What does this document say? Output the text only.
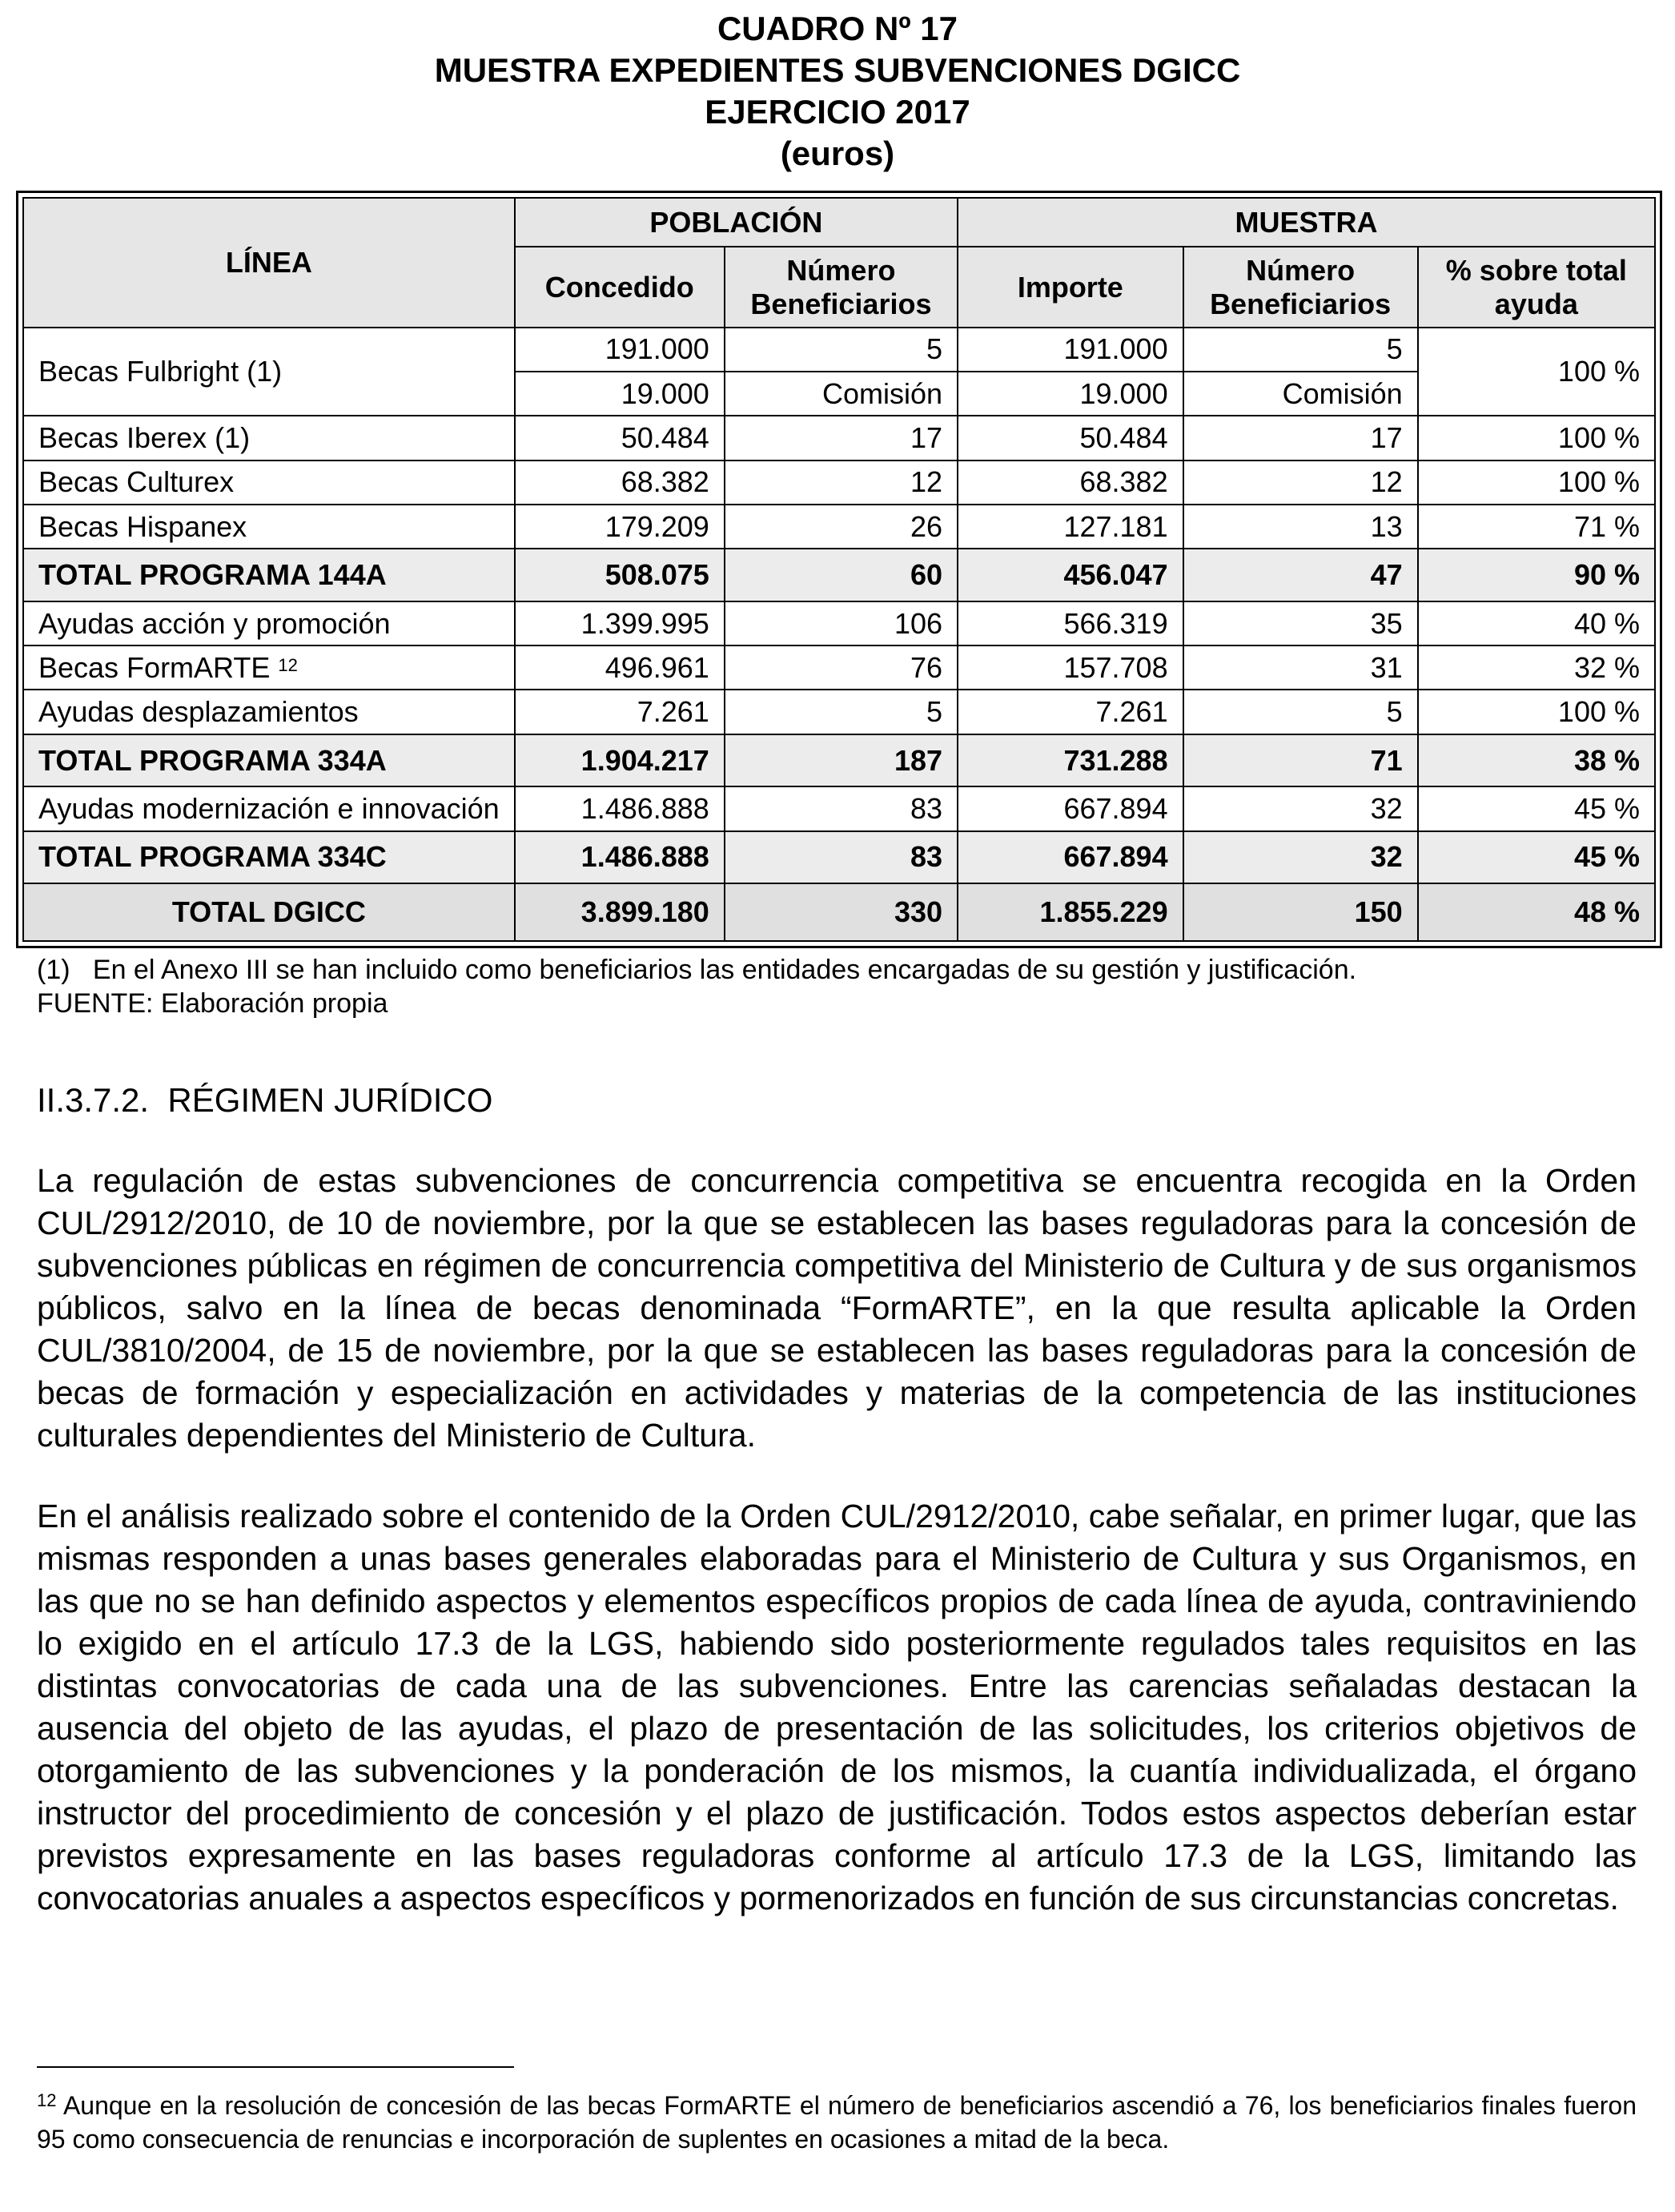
CUADRO Nº 17
MUESTRA EXPEDIENTES SUBVENCIONES DGICC
EJERCICIO 2017
(euros)
LÍNEA	POBLACIÓN		MUESTRA		
	Concedido	Número Beneficiarios	Importe	Número Beneficiarios	% sobre total ayuda
Becas Fulbright (1)	191.000	5	191.000	5	100 %
	19.000	Comisión	19.000	Comisión	
Becas Iberex (1)	50.484	17	50.484	17	100 %
Becas Culturex	68.382	12	68.382	12	100 %
Becas Hispanex	179.209	26	127.181	13	71 %
TOTAL PROGRAMA 144A	508.075	60	456.047	47	90 %
Ayudas acción y promoción	1.399.995	106	566.319	35	40 %
Becas FormARTE $^{12}$	496.961	76	157.708	31	32 %
Ayudas desplazamientos	7.261	5	7.261	5	100 %
TOTAL PROGRAMA 334A	1.904.217	187	731.288	71	38 %
Ayudas modernización e innovación	1.486.888	83	667.894	32	45 %
TOTAL PROGRAMA 334C	1.486.888	83	667.894	32	45 %
TOTAL DGICC	3.899.180	330	1.855.229	150	48 %
(1)   En el Anexo III se han incluido como beneficiarios las entidades encargadas de su gestión y justificación.
FUENTE: Elaboración propia
II.3.7.2.  RÉGIMEN JURÍDICO
La regulación de estas subvenciones de concurrencia competitiva se encuentra recogida en la Orden CUL/2912/2010, de 10 de noviembre, por la que se establecen las bases reguladoras para la concesión de subvenciones públicas en régimen de concurrencia competitiva del Ministerio de Cultura y de sus organismos públicos, salvo en la línea de becas denominada “FormARTE”, en la que resulta aplicable la Orden CUL/3810/2004, de 15 de noviembre, por la que se establecen las bases reguladoras para la concesión de becas de formación y especialización en actividades y materias de la competencia de las instituciones culturales dependientes del Ministerio de Cultura.
En el análisis realizado sobre el contenido de la Orden CUL/2912/2010, cabe señalar, en primer lugar, que las mismas responden a unas bases generales elaboradas para el Ministerio de Cultura y sus Organismos, en las que no se han definido aspectos y elementos específicos propios de cada línea de ayuda, contraviniendo lo exigido en el artículo 17.3 de la LGS, habiendo sido posteriormente regulados tales requisitos en las distintas convocatorias de cada una de las subvenciones. Entre las carencias señaladas destacan la ausencia del objeto de las ayudas, el plazo de presentación de las solicitudes, los criterios objetivos de otorgamiento de las subvenciones y la ponderación de los mismos, la cuantía individualizada, el órgano instructor del procedimiento de concesión y el plazo de justificación. Todos estos aspectos deberían estar previstos expresamente en las bases reguladoras conforme al artículo 17.3 de la LGS, limitando las convocatorias anuales a aspectos específicos y pormenorizados en función de sus circunstancias concretas.
$^{12}$ Aunque en la resolución de concesión de las becas FormARTE el número de beneficiarios ascendió a 76, los beneficiarios finales fueron 95 como consecuencia de renuncias e incorporación de suplentes en ocasiones a mitad de la beca.
